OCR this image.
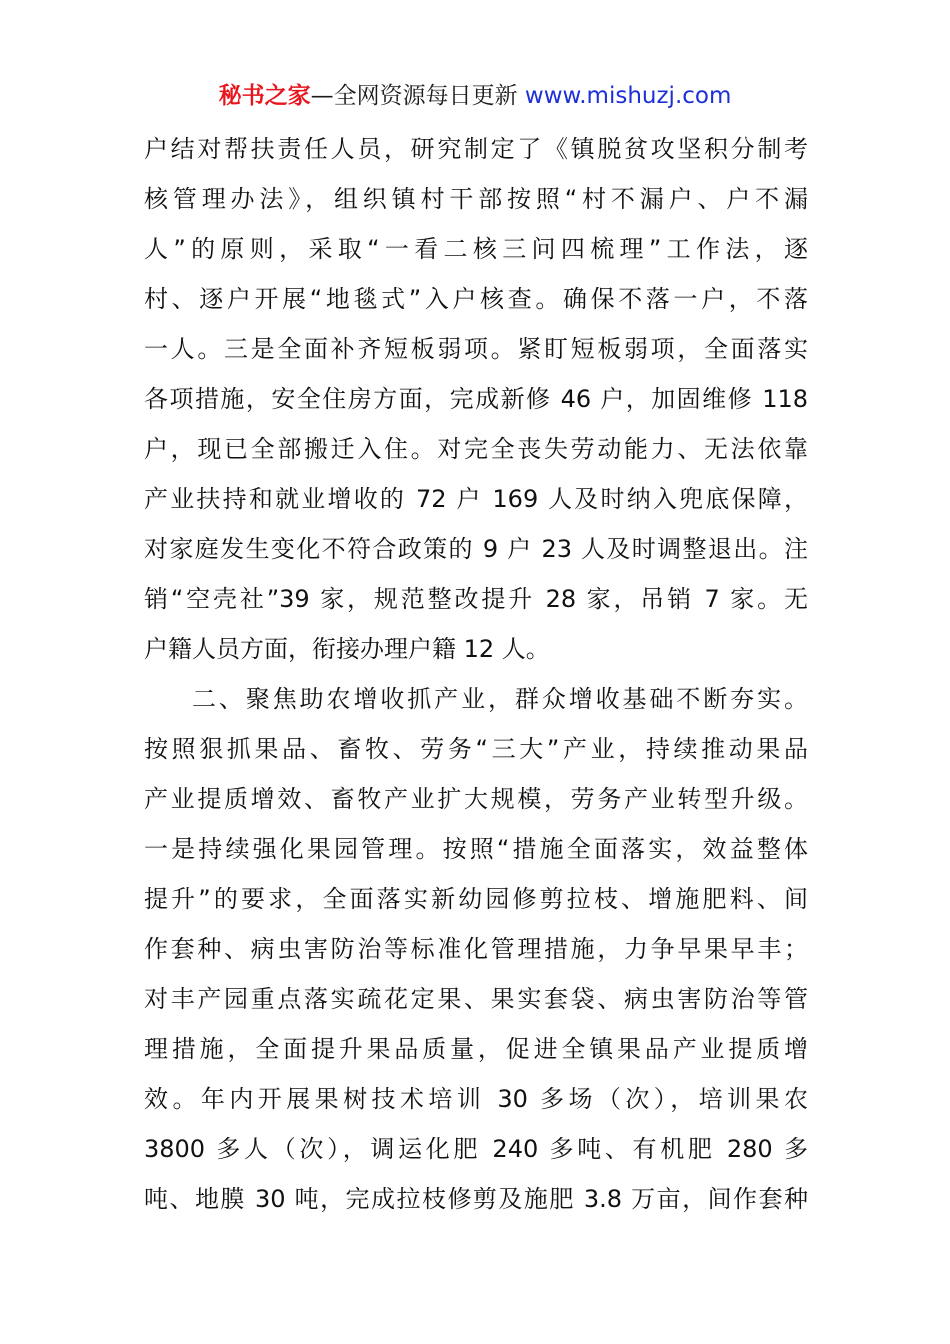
秘书之家—全网资源每日更新 www.mishuzj.com
户结对帮扶责任人员，研究制定了《镇脱贫攻坚积分制考
核管理办法》，组织镇村干部按照“村不漏户、户不漏
人”的原则，采取“一看二核三问四梳理”工作法，逐
村、逐户开展“地毯式”入户核查。确保不落一户，不落
一人。三是全面补齐短板弱项。紧盯短板弱项，全面落实
各项措施，安全住房方面，完成新修 46 户，加固维修 118
户，现已全部搬迁入住。对完全丧失劳动能力、无法依靠
产业扶持和就业增收的 72 户 169 人及时纳入兜底保障，
对家庭发生变化不符合政策的 9 户 23 人及时调整退出。注
销“空壳社”39 家，规范整改提升 28 家，吊销 7 家。无
户籍人员方面，衔接办理户籍 12 人。
二、聚焦助农增收抓产业，群众增收基础不断夯实。
按照狠抓果品、畜牧、劳务“三大”产业，持续推动果品
产业提质增效、畜牧产业扩大规模，劳务产业转型升级。
一是持续强化果园管理。按照“措施全面落实，效益整体
提升”的要求，全面落实新幼园修剪拉枝、增施肥料、间
作套种、病虫害防治等标准化管理措施，力争早果早丰；
对丰产园重点落实疏花定果、果实套袋、病虫害防治等管
理措施，全面提升果品质量，促进全镇果品产业提质增
效。年内开展果树技术培训 30 多场（次），培训果农
3800 多人（次），调运化肥 240 多吨、有机肥 280 多
吨、地膜 30 吨，完成拉枝修剪及施肥 3.8 万亩，间作套种
